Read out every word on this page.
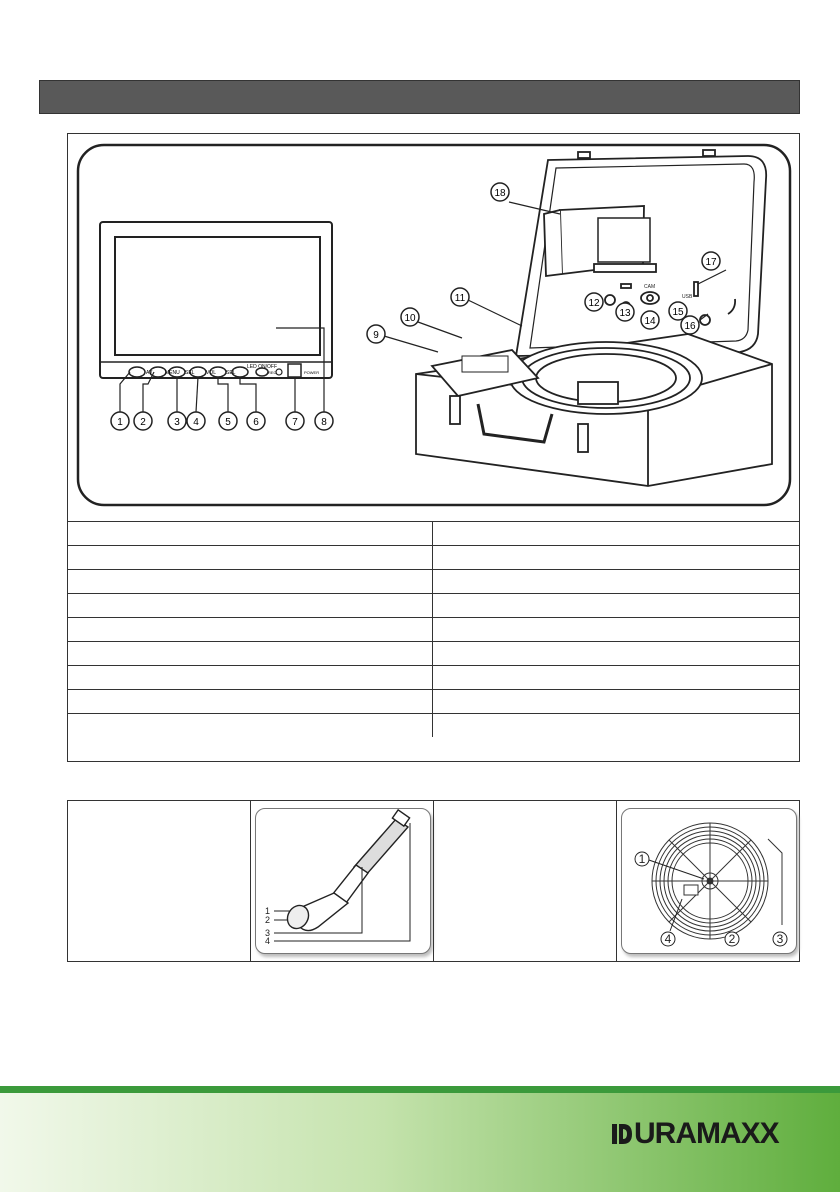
AV	MENU SEL VOL SEL
LED ON/OFF
REC	POWER
1 2	3 4	5 6	7 8
CAM
USB
9
10
11	12
13
14
15
16
17
18

1
2
3
4
1
4	2	3
URAMAXX
